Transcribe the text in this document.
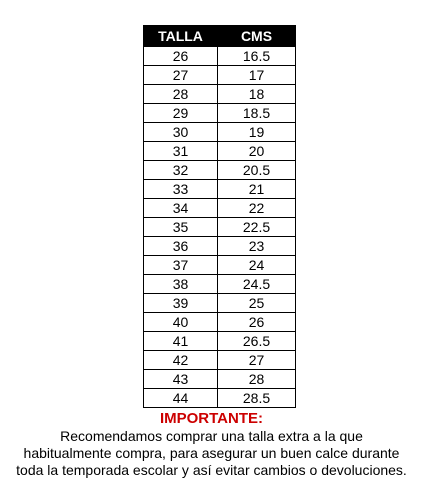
TALLA	CMS
26	16.5
27	17
28	18
29	18.5
30	19
31	20
32	20.5
33	21
34	22
35	22.5
36	23
37	24
38	24.5
39	25
40	26
41	26.5
42	27
43	28
44	28.5
IMPORTANTE:
Recomendamos comprar una talla extra a la que
habitualmente compra, para asegurar un buen calce durante
toda la temporada escolar y así evitar cambios o devoluciones.
